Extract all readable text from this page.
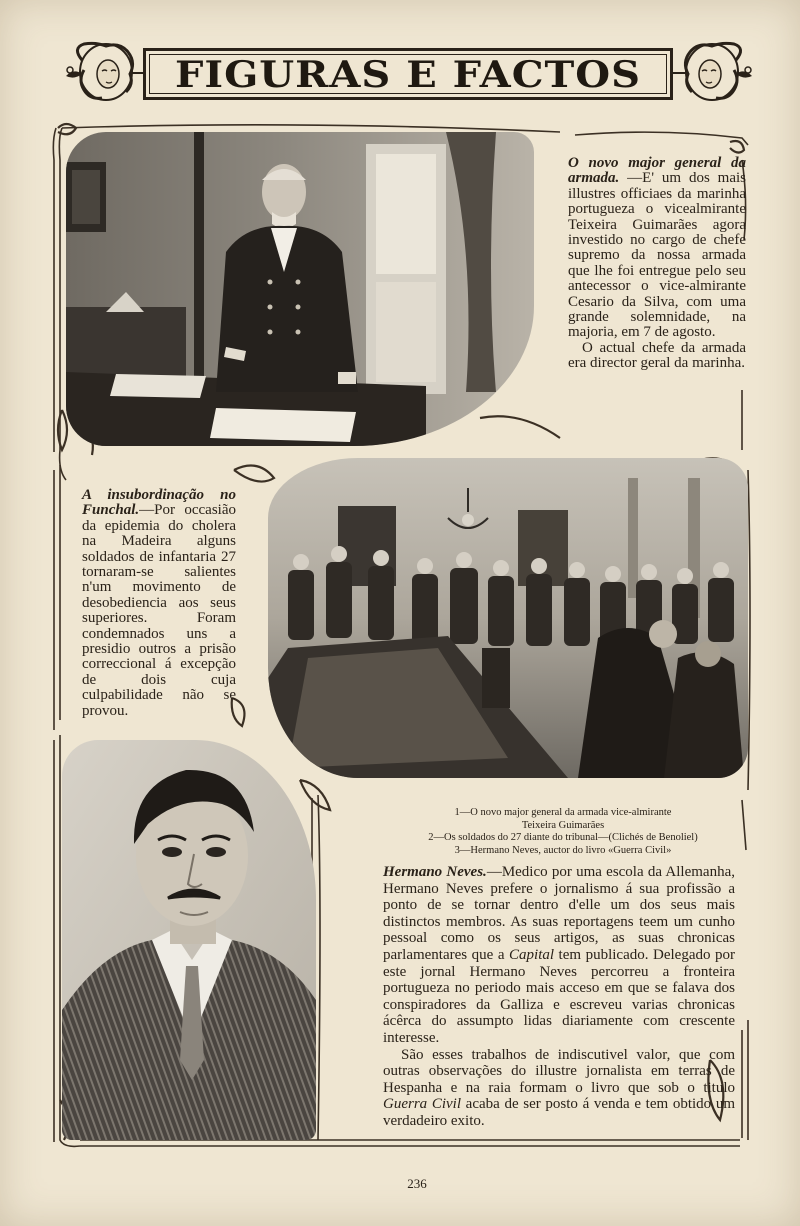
FIGURAS E FACTOS

O novo major general da armada. —E' um dos mais illustres officiaes da marinha portugueza o vicealmirante Teixeira Guimarães agora investido no cargo de chefe supremo da nossa armada que lhe foi entregue pelo seu antecessor o vice-almirante Cesario da Silva, com uma grande solemnidade, na majoria, em 7 de agosto.

O actual chefe da armada era director geral da marinha.

A insubordinação no Funchal.—Por occasião da epidemia do cholera na Madeira alguns soldados de infantaria 27 tornaram-se salientes n'um movimento de desobediencia aos seus superiores. Foram condemnados uns a presidio outros a prisão correccional á excepção de dois cuja culpabilidade não se provou.

1—O novo major general da armada vice-almirante
Teixeira Guimarães
2—Os soldados do 27 diante do tribunal—(Clichés de Benoliel)
3—Hermano Neves, auctor do livro «Guerra Civil»

Hermano Neves.—Medico por uma escola da Allemanha, Hermano Neves prefere o jornalismo á sua profissão a ponto de se tornar dentro d'elle um dos seus mais distinctos membros. As suas reportagens teem um cunho pessoal como os seus artigos, as suas chronicas parlamentares que a Capital tem publicado. Delegado por este jornal Hermano Neves percorreu a fronteira portugueza no periodo mais acceso em que se falava dos conspiradores da Galliza e escreveu varias chronicas ácêrca do assumpto lidas diariamente com crescente interesse.

São esses trabalhos de indiscutivel valor, que com outras observações do illustre jornalista em terras de Hespanha e na raia formam o livro que sob o titulo Guerra Civil acaba de ser posto á venda e tem obtido um verdadeiro exito.

236
